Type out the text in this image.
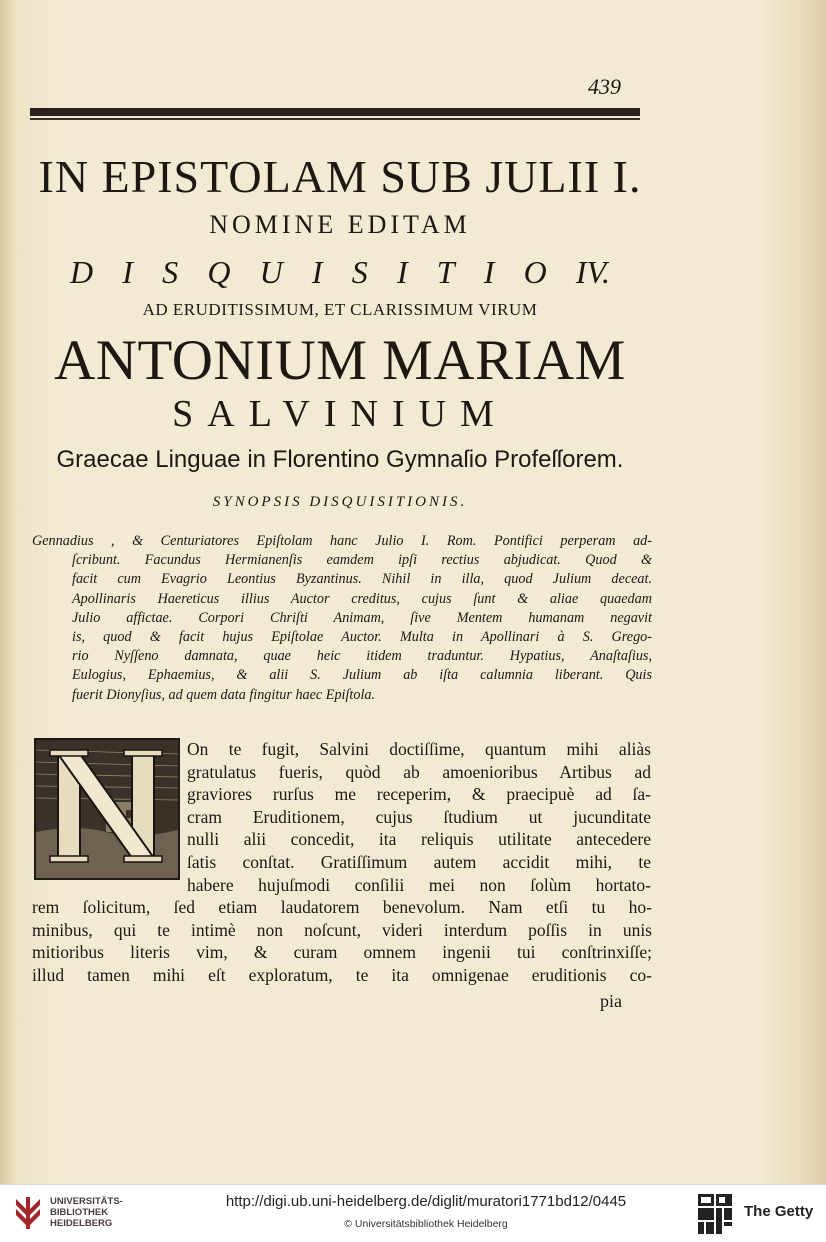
439
IN EPISTOLAM SUB JULII I.
NOMINE EDITAM
D I S Q U I S I T I O IV.
AD ERUDITISSIMUM, ET CLARISSIMUM VIRUM
ANTONIUM MARIAM
SALVINIUM
Graecae Linguae in Florentino Gymnaſio Profeſſorem.
SYNOPSIS DISQUISITIONIS.
Gennadius , & Centuriatores Epiſtolam hanc Julio I. Rom. Pontifici perperam ad-
ſcribunt. Facundus Hermianenſis eamdem ipſi rectius abjudicat. Quod &
facit cum Evagrio Leontius Byzantinus. Nihil in illa, quod Julium deceat.
Apollinaris Haereticus illius Auctor creditus, cujus ſunt & aliae quaedam
Julio affictae. Corpori Chriſti Animam, ſive Mentem humanam negavit
is, quod & facit hujus Epiſtolae Auctor. Multa in Apollinari à S. Grego-
rio Nyſſeno damnata, quae heic itidem traduntur. Hypatius, Anaſtaſius,
Eulogius, Ephaemius, & alii S. Julium ab iſta calumnia liberant. Quis
fuerit Dionyſius, ad quem data fingitur haec Epiſtola.
On te fugit, Salvini doctiſſime, quantum mihi aliàs
gratulatus fueris, quòd ab amoenioribus Artibus ad
graviores rurſus me receperim, & praecipuè ad ſa-
cram Eruditionem, cujus ſtudium ut jucunditate
nulli alii concedit, ita reliquis utilitate antecedere
ſatis conſtat. Gratiſſimum autem accidit mihi, te
habere hujuſmodi conſilii mei non ſolùm hortato-
rem ſolicitum, ſed etiam laudatorem benevolum. Nam etſi tu ho-
minibus, qui te intimè non noſcunt, videri interdum poſſis in unis
mitioribus literis vim, & curam omnem ingenii tui conſtrinxiſſe;
illud tamen mihi eſt exploratum, te ita omnigenae eruditionis co-
pia
UNIVERSITÄTS-
BIBLIOTHEK
HEIDELBERG
http://digi.ub.uni-heidelberg.de/diglit/muratori1771bd12/0445
© Universitätsbibliothek Heidelberg
The Getty
